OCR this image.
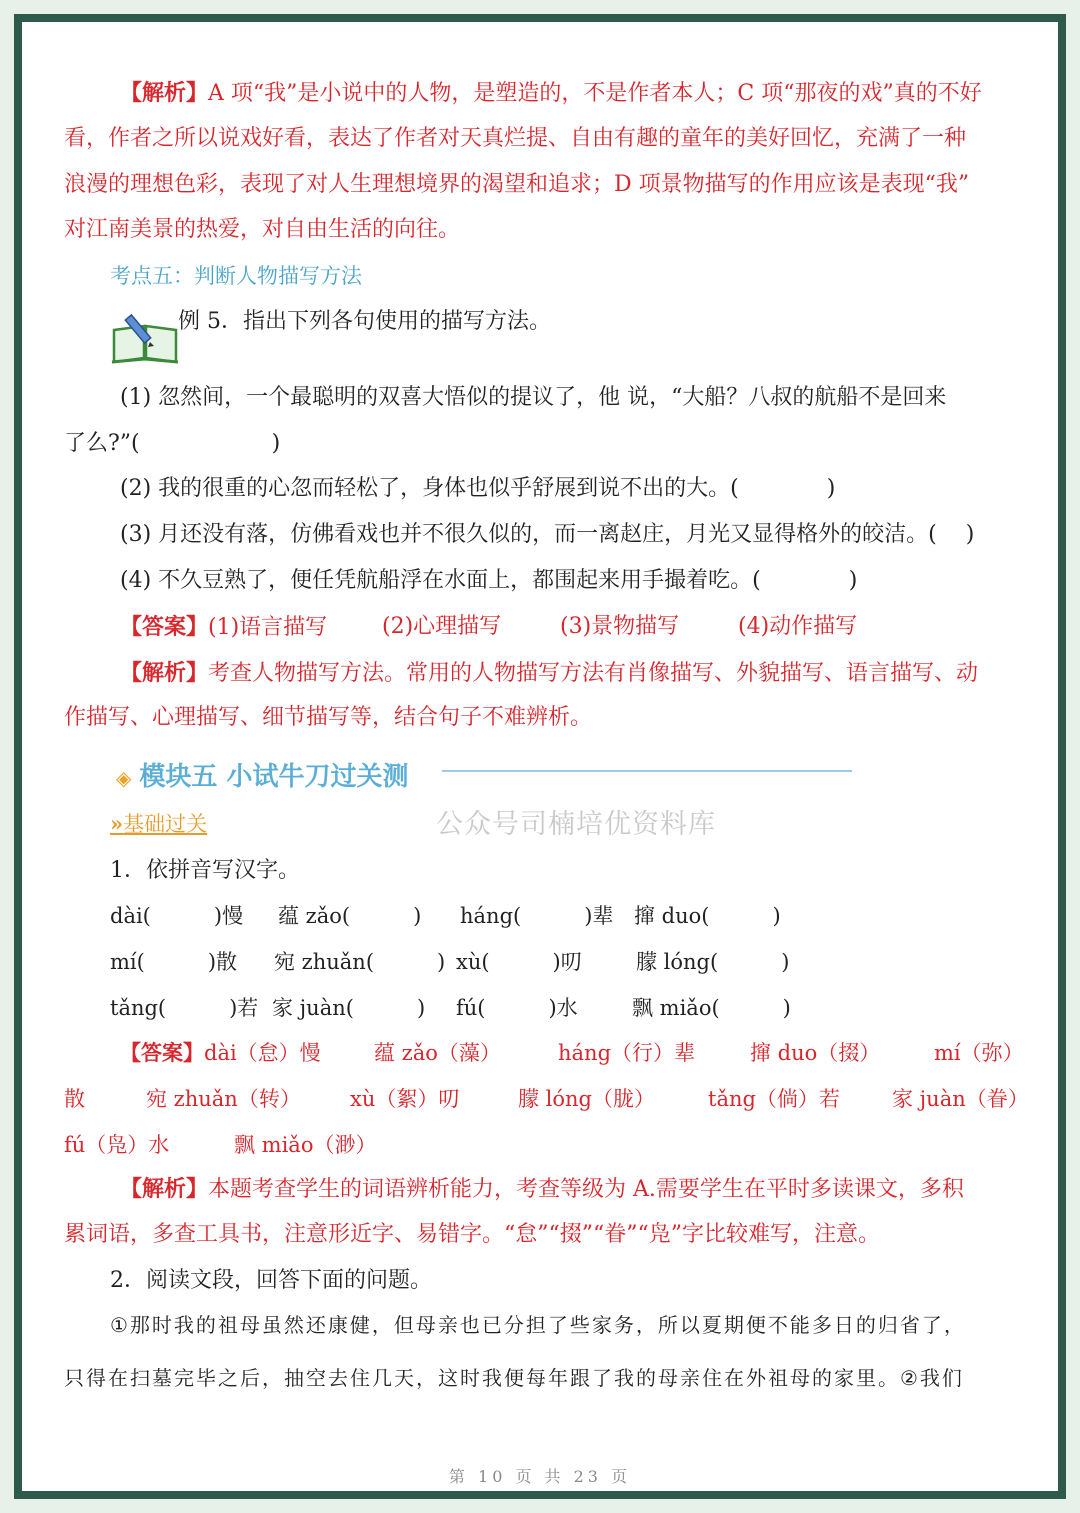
【解析】A 项“我”是小说中的人物，是塑造的，不是作者本人；C 项“那夜的戏”真的不好
看，作者之所以说戏好看，表达了作者对天真烂提、自由有趣的童年的美好回忆，充满了一种
浪漫的理想色彩，表现了对人生理想境界的渴望和追求；D 项景物描写的作用应该是表现“我”
对江南美景的热爱，对自由生活的向往。
考点五：判断人物描写方法
例 5．指出下列各句使用的描写方法。
(1) 忽然间，一个最聪明的双喜大悟似的提议了，他 说，“大船？八叔的航船不是回来
了么?”(　　　　　　)
(2) 我的很重的心忽而轻松了，身体也似乎舒展到说不出的大。(　　　　)
(3) 月还没有落，仿佛看戏也并不很久似的，而一离赵庄，月光又显得格外的皎洁。(　 )
(4) 不久豆熟了，便任凭航船浮在水面上，都围起来用手撮着吃。(　　　　)
【答案】(1)语言描写 (2)心理描写	(3)景物描写	(4)动作描写
【解析】考查人物描写方法。常用的人物描写方法有肖像描写、外貌描写、语言描写、动
作描写、心理描写、细节描写等，结合句子不难辨析。
◈ 模块五 小试牛刀过关测
»基础过关	公众号司楠培优资料库
1．依拼音写汉字。
dài(　　　)慢 蕴 zǎo(　　　) háng(　　　)辈 撺 duo(　　　)
mí(　　　)散 宛 zhuǎn(　　　) xù(　　　)叨	朦 lóng(　　　)
tǎng(　　　)若 家 juàn(　　　) fú(　　　)水	飘 miǎo(　　　)
【答案】dài（怠）慢	蕴 zǎo（藻）	háng（行）辈	撺 duo（掇）	mí（弥）
散	宛 zhuǎn（转） xù（絮）叨	朦 lóng（胧）	tǎng（倘）若 家 juàn（眷）
fú（凫）水	飘 miǎo（渺）
【解析】本题考查学生的词语辨析能力，考查等级为 A.需要学生在平时多读课文，多积
累词语，多查工具书，注意形近字、易错字。“怠”“掇”“眷”“凫”字比较难写，注意。
2．阅读文段，回答下面的问题。
①那时我的祖母虽然还康健，但母亲也已分担了些家务，所以夏期便不能多日的归省了，
只得在扫墓完毕之后，抽空去住几天，这时我便每年跟了我的母亲住在外祖母的家里。②我们
第 10 页 共 23 页
